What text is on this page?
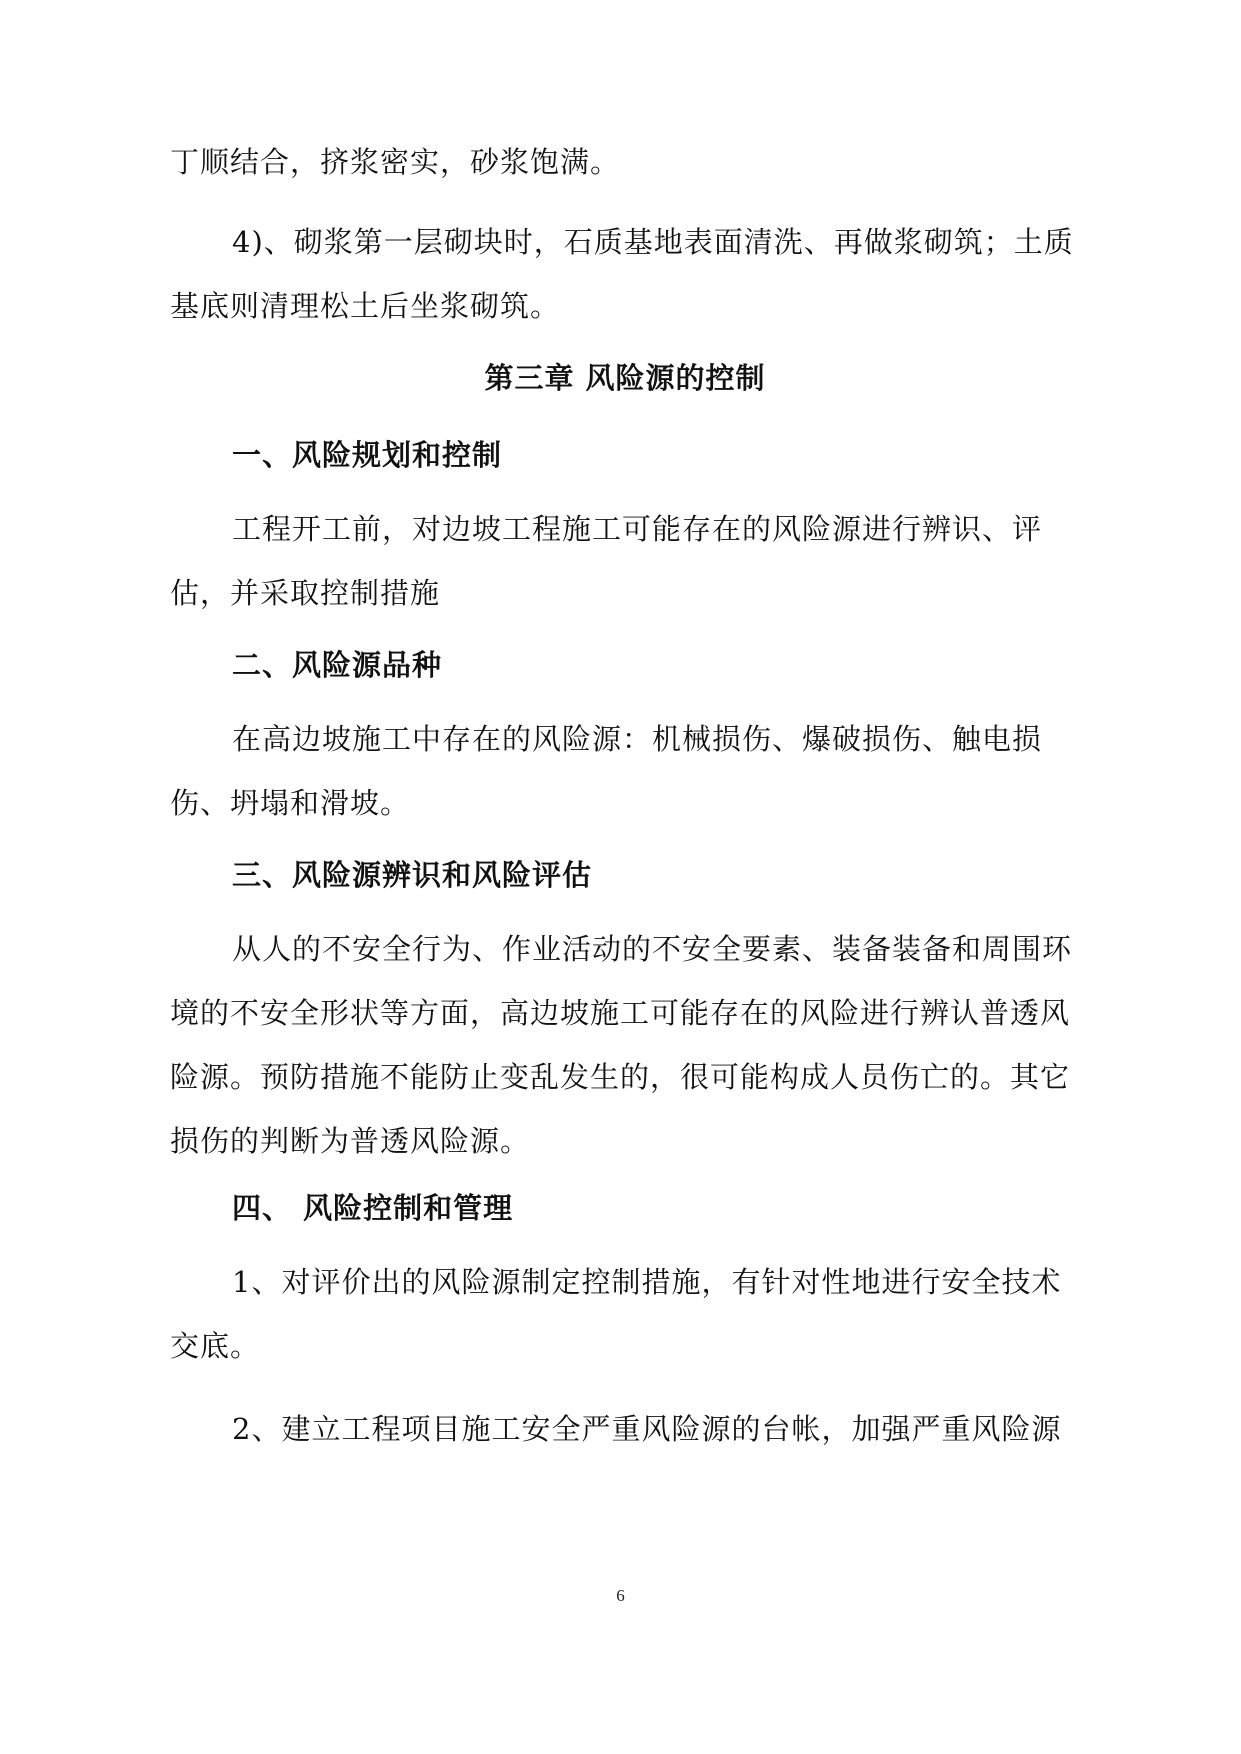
丁顺结合，挤浆密实，砂浆饱满。
4)、砌浆第一层砌块时，石质基地表面清洗、再做浆砌筑；土质基底则清理松土后坐浆砌筑。
第三章 风险源的控制
一、风险规划和控制
工程开工前，对边坡工程施工可能存在的风险源进行辨识、评估，并采取控制措施
二、风险源品种
在高边坡施工中存在的风险源：机械损伤、爆破损伤、触电损伤、坍塌和滑坡。
三、风险源辨识和风险评估
从人的不安全行为、作业活动的不安全要素、装备装备和周围环境的不安全形状等方面，高边坡施工可能存在的风险进行辨认普透风险源。预防措施不能防止变乱发生的，很可能构成人员伤亡的。其它损伤的判断为普透风险源。
四、 风险控制和管理
1、对评价出的风险源制定控制措施，有针对性地进行安全技术交底。
2、建立工程项目施工安全严重风险源的台帐，加强严重风险源
6
